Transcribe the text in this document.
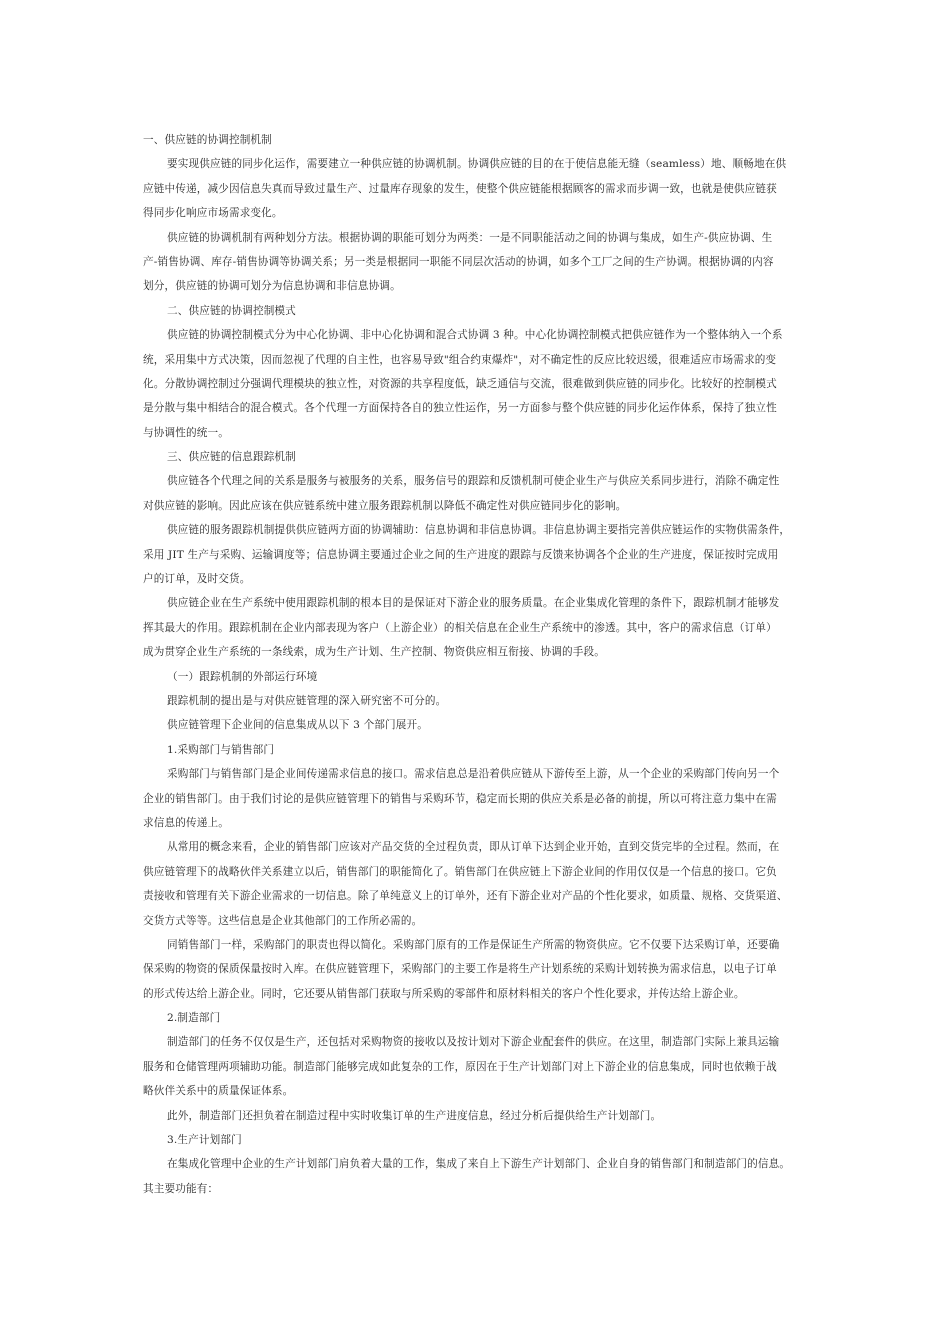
一、供应链的协调控制机制
要实现供应链的同步化运作，需要建立一种供应链的协调机制。协调供应链的目的在于使信息能无缝（seamless）地、顺畅地在供
应链中传递，减少因信息失真而导致过量生产、过量库存现象的发生，使整个供应链能根据顾客的需求而步调一致，也就是使供应链获
得同步化响应市场需求变化。
供应链的协调机制有两种划分方法。根据协调的职能可划分为两类：一是不同职能活动之间的协调与集成，如生产-供应协调、生
产-销售协调、库存-销售协调等协调关系；另一类是根据同一职能不同层次活动的协调，如多个工厂之间的生产协调。根据协调的内容
划分，供应链的协调可划分为信息协调和非信息协调。
二、供应链的协调控制模式
供应链的协调控制模式分为中心化协调、非中心化协调和混合式协调 3 种。中心化协调控制模式把供应链作为一个整体纳入一个系
统，采用集中方式决策，因而忽视了代理的自主性，也容易导致"组合约束爆炸"，对不确定性的反应比较迟缓，很难适应市场需求的变
化。分散协调控制过分强调代理模块的独立性，对资源的共享程度低，缺乏通信与交流，很难做到供应链的同步化。比较好的控制模式
是分散与集中相结合的混合模式。各个代理一方面保持各自的独立性运作，另一方面参与整个供应链的同步化运作体系，保持了独立性
与协调性的统一。
三、供应链的信息跟踪机制
供应链各个代理之间的关系是服务与被服务的关系，服务信号的跟踪和反馈机制可使企业生产与供应关系同步进行，消除不确定性
对供应链的影响。因此应该在供应链系统中建立服务跟踪机制以降低不确定性对供应链同步化的影响。
供应链的服务跟踪机制提供供应链两方面的协调辅助：信息协调和非信息协调。非信息协调主要指完善供应链运作的实物供需条件，
采用 JIT 生产与采购、运输调度等；信息协调主要通过企业之间的生产进度的跟踪与反馈来协调各个企业的生产进度，保证按时完成用
户的订单，及时交货。
供应链企业在生产系统中使用跟踪机制的根本目的是保证对下游企业的服务质量。在企业集成化管理的条件下，跟踪机制才能够发
挥其最大的作用。跟踪机制在企业内部表现为客户（上游企业）的相关信息在企业生产系统中的渗透。其中，客户的需求信息（订单）
成为贯穿企业生产系统的一条线索，成为生产计划、生产控制、物资供应相互衔接、协调的手段。
（一）跟踪机制的外部运行环境
跟踪机制的提出是与对供应链管理的深入研究密不可分的。
供应链管理下企业间的信息集成从以下 3 个部门展开。
1.采购部门与销售部门
采购部门与销售部门是企业间传递需求信息的接口。需求信息总是沿着供应链从下游传至上游，从一个企业的采购部门传向另一个
企业的销售部门。由于我们讨论的是供应链管理下的销售与采购环节，稳定而长期的供应关系是必备的前提，所以可将注意力集中在需
求信息的传递上。
从常用的概念来看，企业的销售部门应该对产品交货的全过程负责，即从订单下达到企业开始，直到交货完毕的全过程。然而，在
供应链管理下的战略伙伴关系建立以后，销售部门的职能简化了。销售部门在供应链上下游企业间的作用仅仅是一个信息的接口。它负
责接收和管理有关下游企业需求的一切信息。除了单纯意义上的订单外，还有下游企业对产品的个性化要求，如质量、规格、交货渠道、
交货方式等等。这些信息是企业其他部门的工作所必需的。
同销售部门一样，采购部门的职责也得以简化。采购部门原有的工作是保证生产所需的物资供应。它不仅要下达采购订单，还要确
保采购的物资的保质保量按时入库。在供应链管理下，采购部门的主要工作是将生产计划系统的采购计划转换为需求信息，以电子订单
的形式传达给上游企业。同时，它还要从销售部门获取与所采购的零部件和原材料相关的客户个性化要求，并传达给上游企业。
2.制造部门
制造部门的任务不仅仅是生产，还包括对采购物资的接收以及按计划对下游企业配套件的供应。在这里，制造部门实际上兼具运输
服务和仓储管理两项辅助功能。制造部门能够完成如此复杂的工作，原因在于生产计划部门对上下游企业的信息集成，同时也依赖于战
略伙伴关系中的质量保证体系。
此外，制造部门还担负着在制造过程中实时收集订单的生产进度信息，经过分析后提供给生产计划部门。
3.生产计划部门
在集成化管理中企业的生产计划部门肩负着大量的工作，集成了来自上下游生产计划部门、企业自身的销售部门和制造部门的信息。
其主要功能有：
